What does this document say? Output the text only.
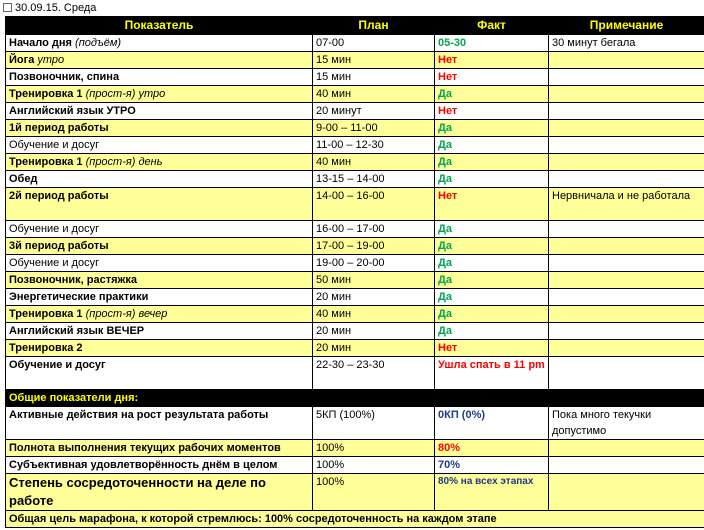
30.09.15. Среда
Показатель	План	Факт	Примечание
Начало дня (подъём)	07-00	05-30	30 минут бегала
Йога утро	15 мин	Нет	
Позвоночник, спина	15 мин	Нет	
Тренировка 1 (прост-я) утро	40 мин	Да	
Английский язык УТРО	20 минут	Нет	
1й период работы	9-00 – 11-00	Да	
Обучение и досуг	11-00 – 12-30	Да	
Тренировка 1 (прост-я) день	40 мин	Да	
Обед	13-15 – 14-00	Да	
2й период работы	14-00 – 16-00	Нет	Нервничала и не работала
Обучение и досуг	16-00 – 17-00	Да	
3й период работы	17-00 – 19-00	Да	
Обучение и досуг	19-00 – 20-00	Да	
Позвоночник, растяжка	50 мин	Да	
Энергетические практики	20 мин	Да	
Тренировка 1 (прост-я) вечер	40 мин	Да	
Английский язык ВЕЧЕР	20 мин	Да	
Тренировка 2	20 мин	Нет	
Обучение и досуг	22-30 – 23-30	Ушла спать в 11 pm	
Общие показатели дня:			
Активные действия на рост результата работы	5КП (100%)	0КП (0%)	Пока много текучки допустимо
Полнота выполнения текущих рабочих моментов	100%	80%	
Субъективная удовлетворённость днём в целом	100%	70%	
Степень сосредоточенности на деле по работе	100%	80% на всех этапах	
Общая цель марафона, к которой стремлюсь: 100% сосредоточенность на каждом этапе			
